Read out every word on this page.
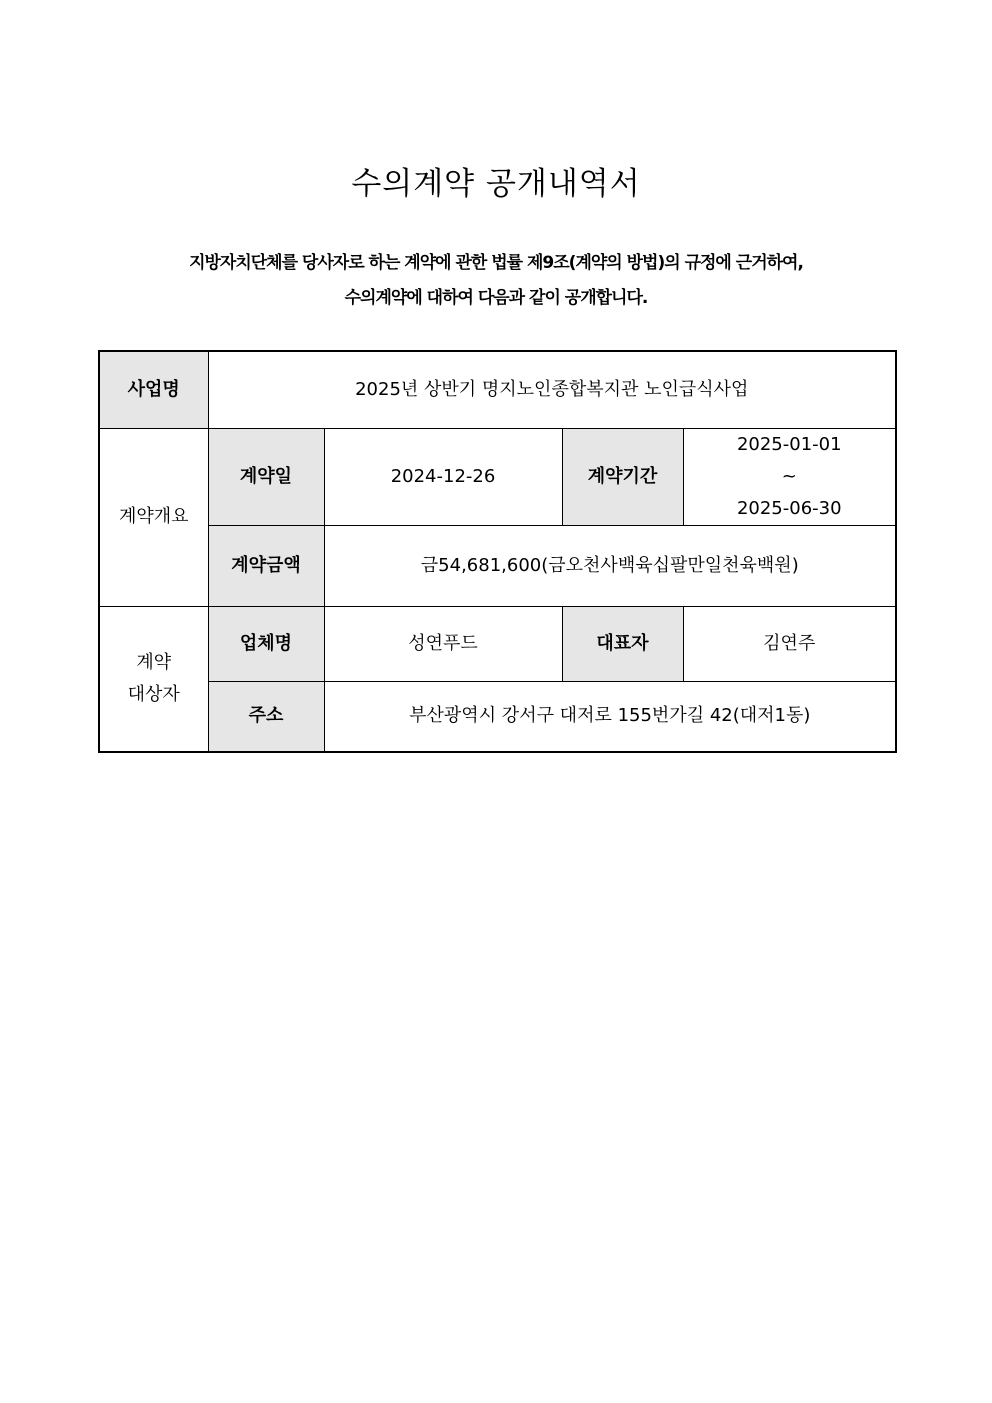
수의계약 공개내역서
지방자치단체를 당사자로 하는 계약에 관한 법률 제9조(계약의 방법)의 규정에 근거하여,
수의계약에 대하여 다음과 같이 공개합니다.
사업명	2025년 상반기 명지노인종합복지관 노인급식사업			
계약개요	계약일	2024-12-26	계약기간	2025-01-01
~
2025-06-30

	계약금액	금54,681,600(금오천사백육십팔만일천육백원)		

계약
대상자	업체명	성연푸드	대표자	김연주
	주소	부산광역시 강서구 대저로 155번가길 42(대저1동)		
